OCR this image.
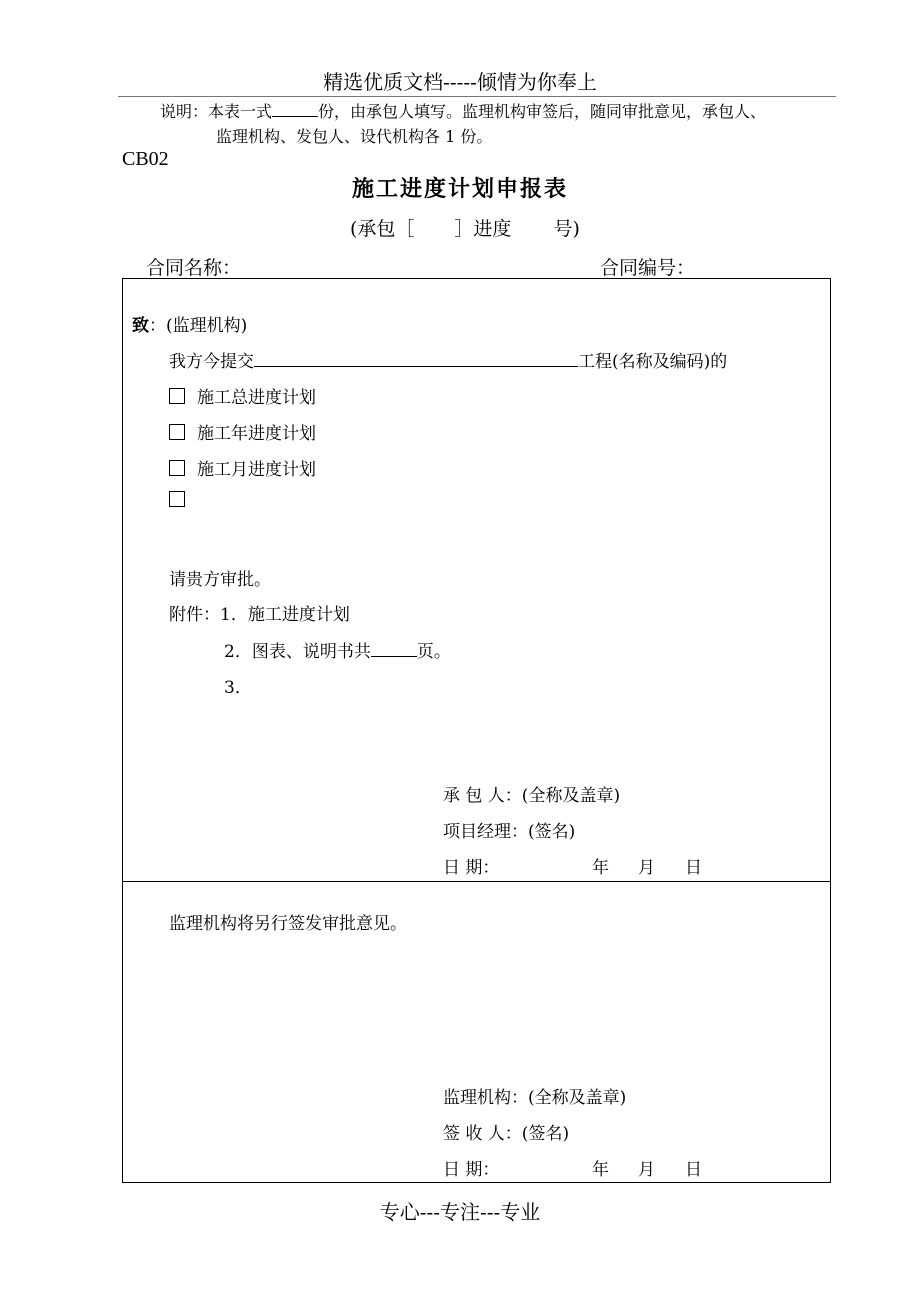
精选优质文档-----倾情为你奉上
说明：本表一式	份，由承包人填写。监理机构审签后，随同审批意见，承包人、
监理机构、发包人、设代机构各 1 份。
CB02
施工进度计划申报表
(承包［ ］进度 号)
合同名称：	合同编号：
致：(监理机构)
我方今提交	工程(名称及编码)的
施工总进度计划
施工年进度计划
施工月进度计划
请贵方审批。
附件：1．施工进度计划
2．图表、说明书共	页。
3．
承 包 人：(全称及盖章)
项目经理：(签名)
日 期：	年 月 日
监理机构将另行签发审批意见。
监理机构：(全称及盖章)
签 收 人：(签名)
日 期：	年 月 日
专心---专注---专业
